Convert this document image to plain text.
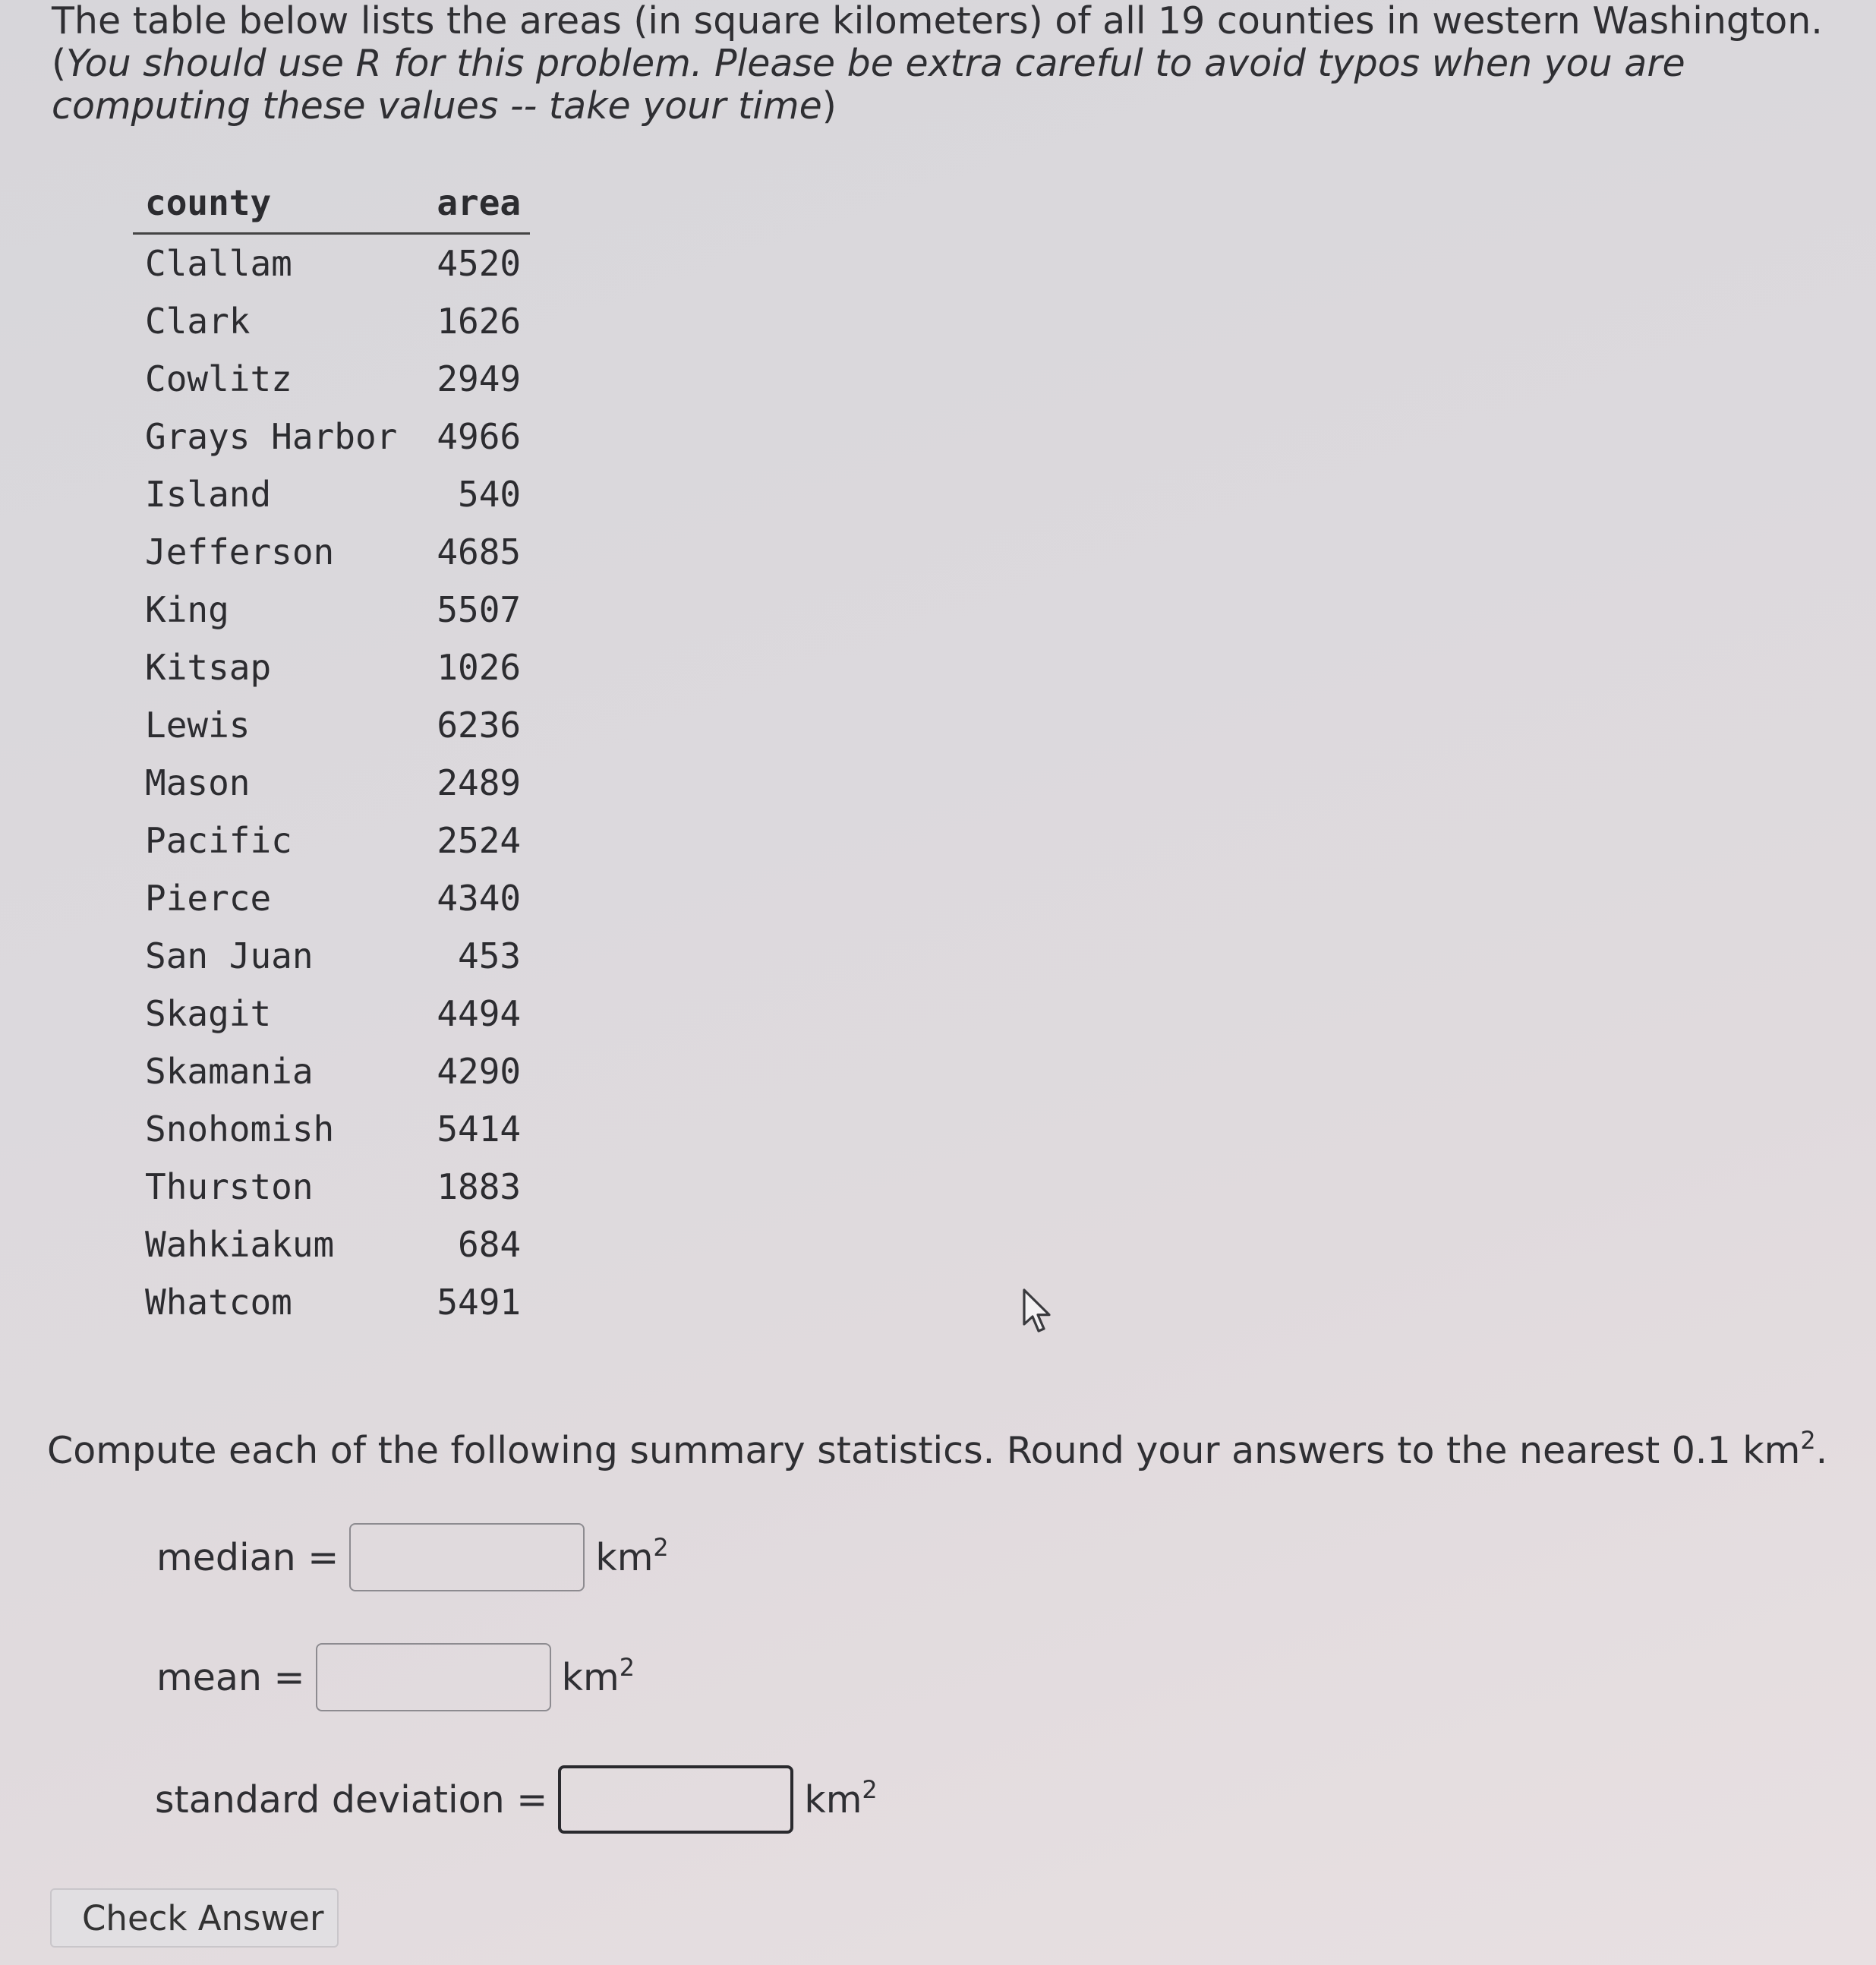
The table below lists the areas (in square kilometers) of all 19 counties in western Washington. (You should use R for this problem. Please be extra careful to avoid typos when you are computing these values -- take your time)
county	area
Clallam	4520
Clark	1626
Cowlitz	2949
Grays Harbor	4966
Island	540
Jefferson	4685
King	5507
Kitsap	1026
Lewis	6236
Mason	2489
Pacific	2524
Pierce	4340
San Juan	453
Skagit	4494
Skamania	4290
Snohomish	5414
Thurston	1883
Wahkiakum	684
Whatcom	5491
Compute each of the following summary statistics. Round your answers to the nearest 0.1 $km^2$.
median =	$km^2$
mean =	$km^2$
standard deviation =	$km^2$
Check Answer
